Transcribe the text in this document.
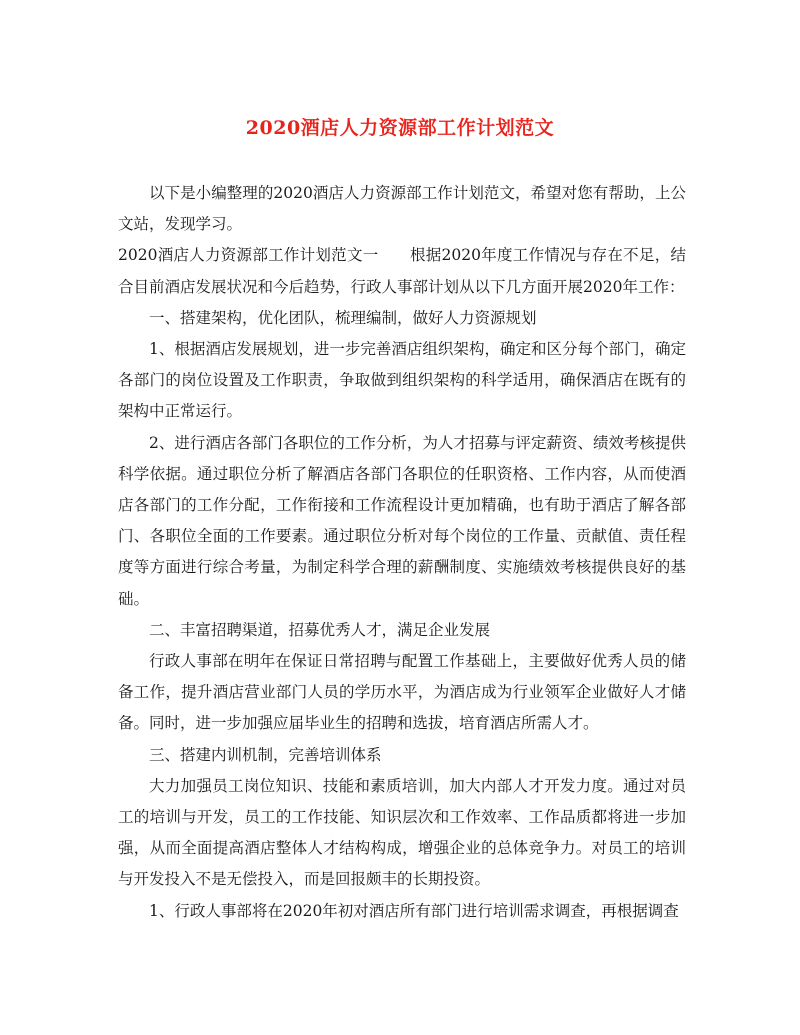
2020酒店人力资源部工作计划范文

以下是小编整理的2020酒店人力资源部工作计划范文，希望对您有帮助，上公文站，发现学习。

2020酒店人力资源部工作计划范文一　　根据2020年度工作情况与存在不足，结合目前酒店发展状况和今后趋势，行政人事部计划从以下几方面开展2020年工作：

一、搭建架构，优化团队，梳理编制，做好人力资源规划

1、根据酒店发展规划，进一步完善酒店组织架构，确定和区分每个部门，确定各部门的岗位设置及工作职责，争取做到组织架构的科学适用，确保酒店在既有的架构中正常运行。

2、进行酒店各部门各职位的工作分析，为人才招募与评定薪资、绩效考核提供科学依据。通过职位分析了解酒店各部门各职位的任职资格、工作内容，从而使酒店各部门的工作分配，工作衔接和工作流程设计更加精确，也有助于酒店了解各部门、各职位全面的工作要素。通过职位分析对每个岗位的工作量、贡献值、责任程度等方面进行综合考量，为制定科学合理的薪酬制度、实施绩效考核提供良好的基础。

二、丰富招聘渠道，招募优秀人才，满足企业发展

行政人事部在明年在保证日常招聘与配置工作基础上，主要做好优秀人员的储备工作，提升酒店营业部门人员的学历水平，为酒店成为行业领军企业做好人才储备。同时，进一步加强应届毕业生的招聘和选拔，培育酒店所需人才。

三、搭建内训机制，完善培训体系

大力加强员工岗位知识、技能和素质培训，加大内部人才开发力度。通过对员工的培训与开发，员工的工作技能、知识层次和工作效率、工作品质都将进一步加强，从而全面提高酒店整体人才结构构成，增强企业的总体竞争力。对员工的培训与开发投入不是无偿投入，而是回报颇丰的长期投资。

1、行政人事部将在2020年初对酒店所有部门进行培训需求调查，再根据调查
